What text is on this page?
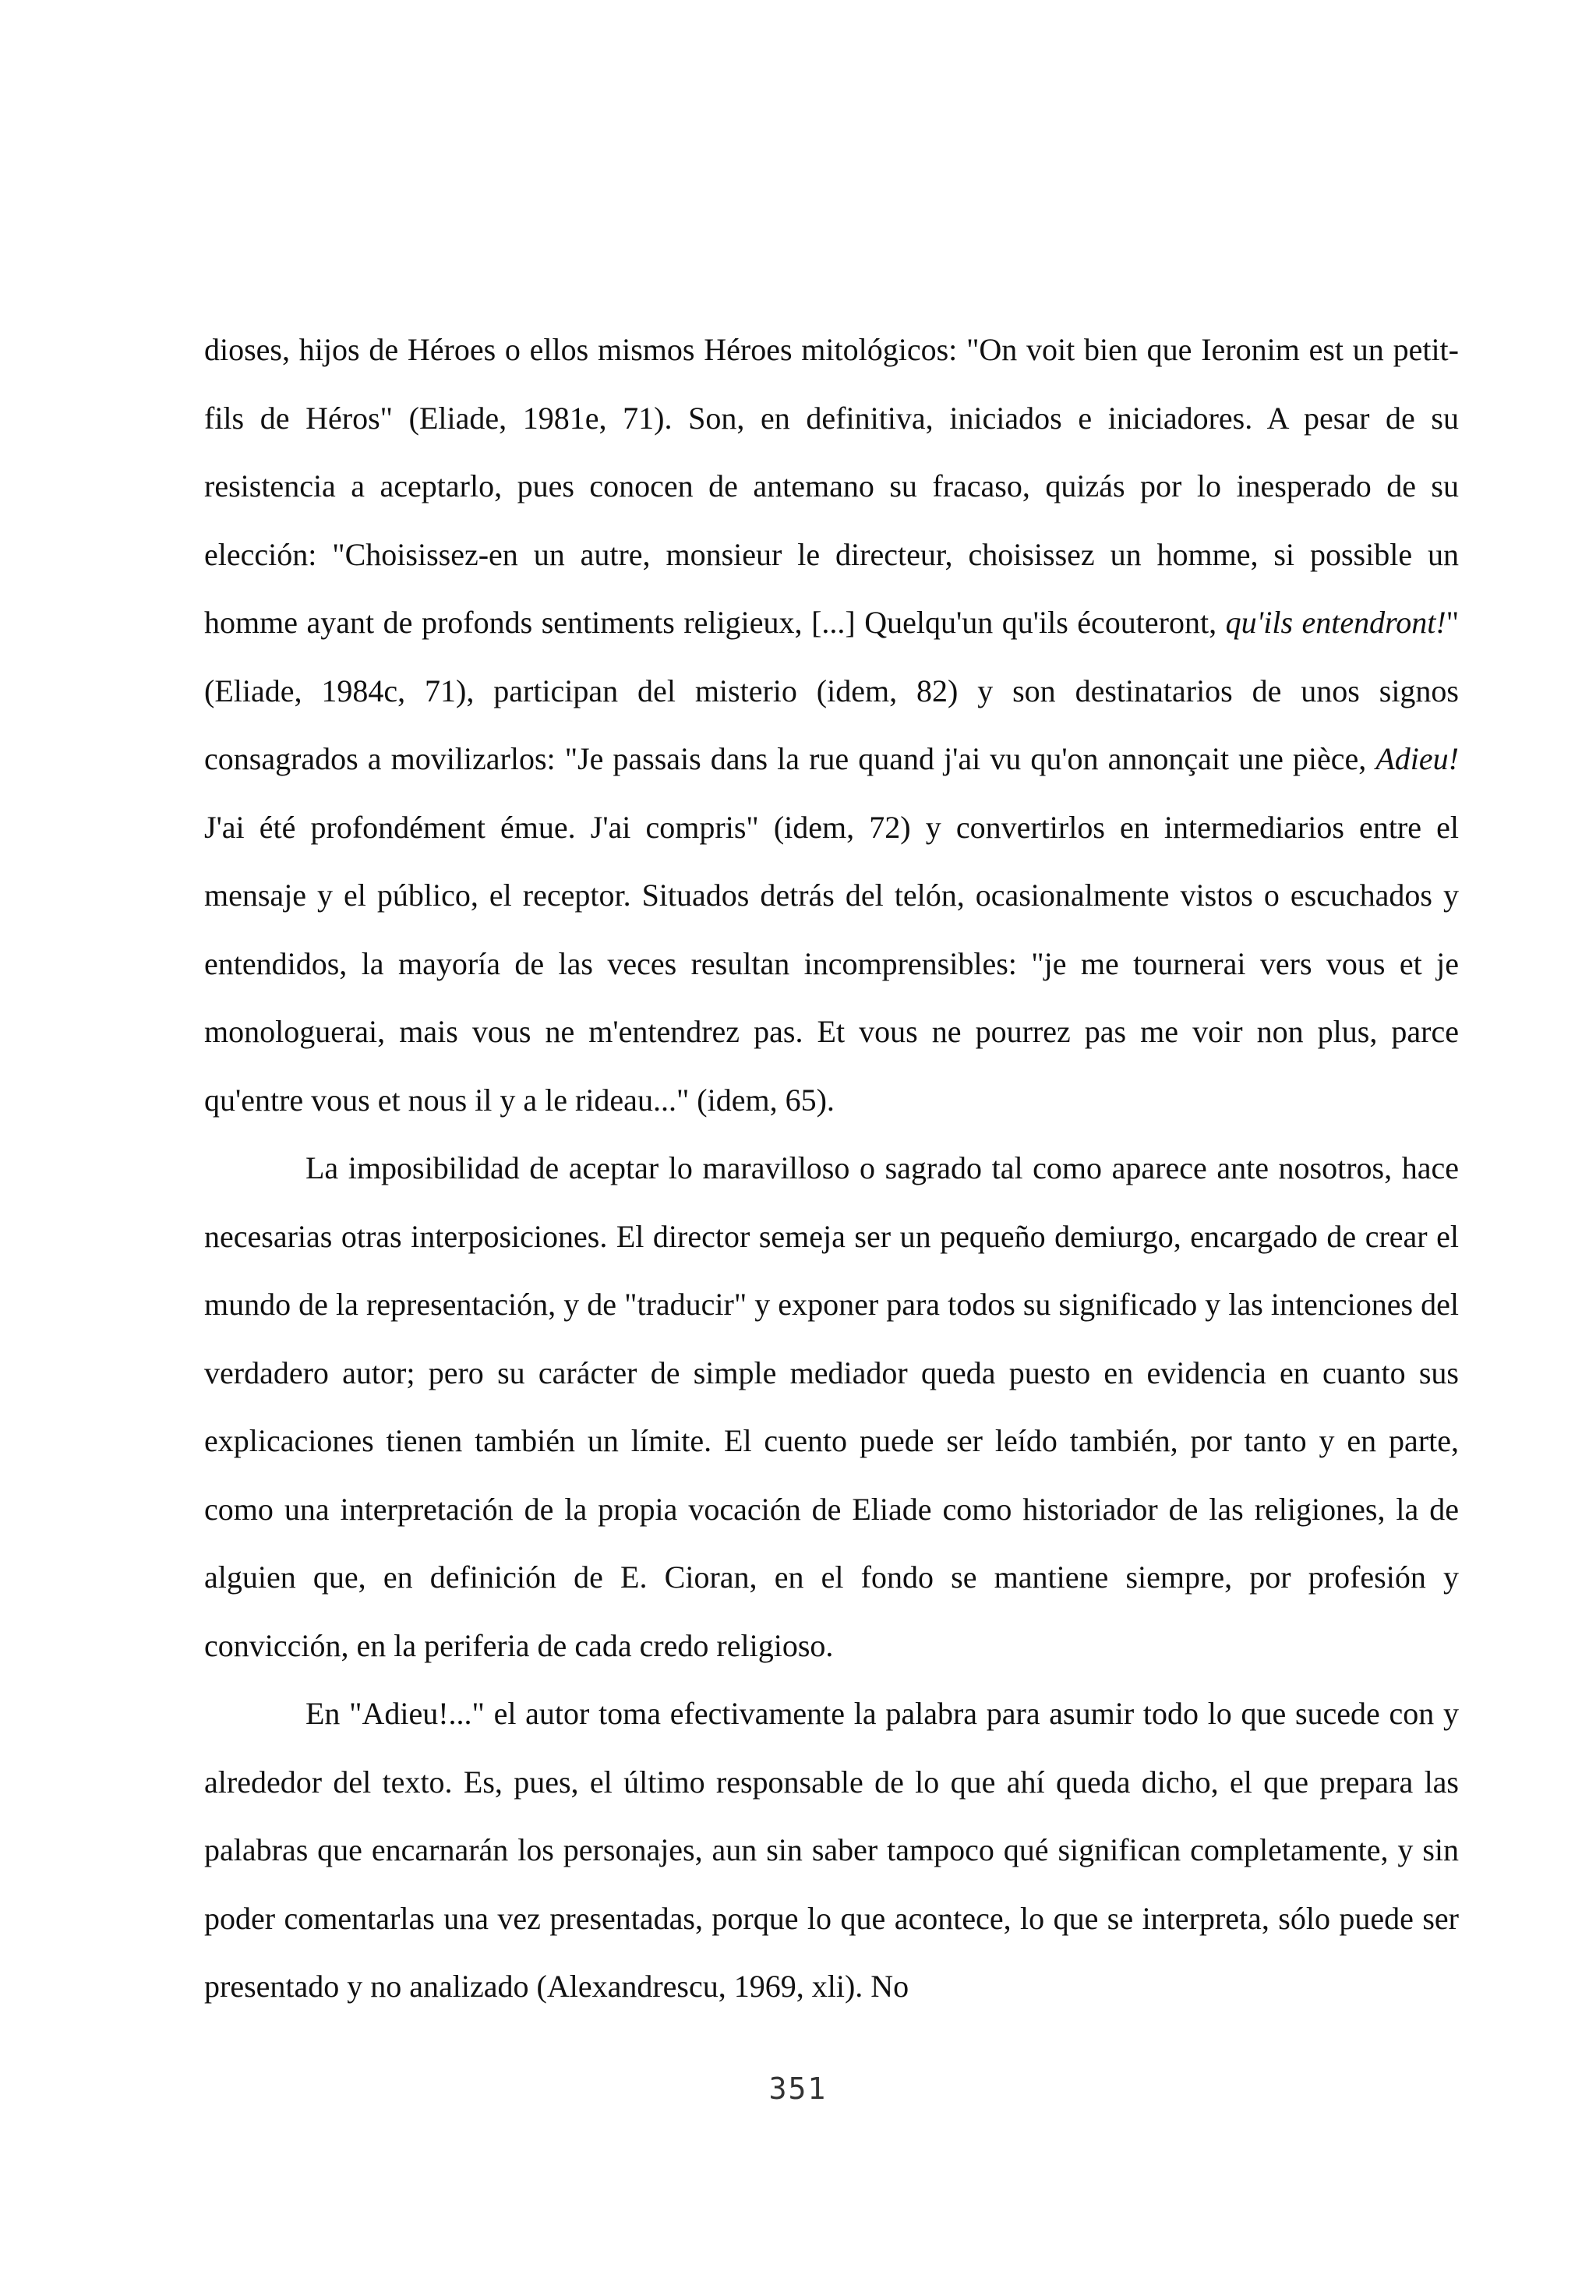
dioses, hijos de Héroes o ellos mismos Héroes mitológicos: "On voit bien que Ieronim est un petit-fils de Héros" (Eliade, 1981e, 71). Son, en definitiva, iniciados e iniciadores. A pesar de su resistencia a aceptarlo, pues conocen de antemano su fracaso, quizás por lo inesperado de su elección: "Choisissez-en un autre, monsieur le directeur, choisissez un homme, si possible un homme ayant de profonds sentiments religieux, [...] Quelqu'un qu'ils écouteront, qu'ils entendront!" (Eliade, 1984c, 71), participan del misterio (idem, 82) y son destinatarios de unos signos consagrados a movilizarlos: "Je passais dans la rue quand j'ai vu qu'on annonçait une pièce, Adieu! J'ai été profondément émue. J'ai compris" (idem, 72) y convertirlos en intermediarios entre el mensaje y el público, el receptor. Situados detrás del telón, ocasionalmente vistos o escuchados y entendidos, la mayoría de las veces resultan incomprensibles: "je me tournerai vers vous et je monologuerai, mais vous ne m'entendrez pas. Et vous ne pourrez pas me voir non plus, parce qu'entre vous et nous il y a le rideau..." (idem, 65).

La imposibilidad de aceptar lo maravilloso o sagrado tal como aparece ante nosotros, hace necesarias otras interposiciones. El director semeja ser un pequeño demiurgo, encargado de crear el mundo de la representación, y de "traducir" y exponer para todos su significado y las intenciones del verdadero autor; pero su carácter de simple mediador queda puesto en evidencia en cuanto sus explicaciones tienen también un límite. El cuento puede ser leído también, por tanto y en parte, como una interpretación de la propia vocación de Eliade como historiador de las religiones, la de alguien que, en definición de E. Cioran, en el fondo se mantiene siempre, por profesión y convicción, en la periferia de cada credo religioso.

En "Adieu!..." el autor toma efectivamente la palabra para asumir todo lo que sucede con y alrededor del texto. Es, pues, el último responsable de lo que ahí queda dicho, el que prepara las palabras que encarnarán los personajes, aun sin saber tampoco qué significan completamente, y sin poder comentarlas una vez presentadas, porque lo que acontece, lo que se interpreta, sólo puede ser presentado y no analizado (Alexandrescu, 1969, xli). No

351
